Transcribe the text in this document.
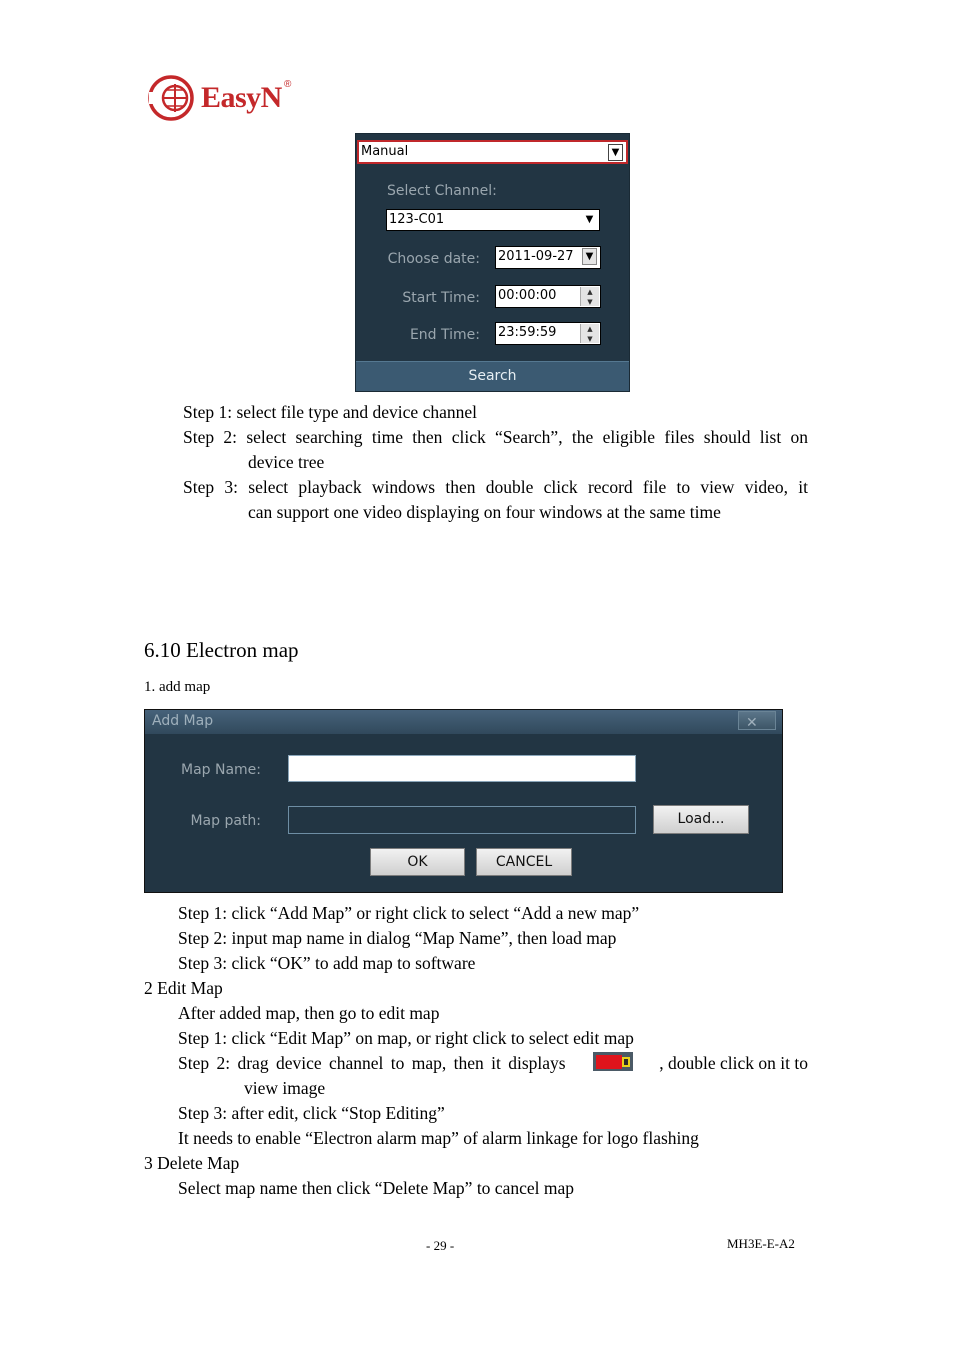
EasyN ®
Manual	▼
Select Channel:
123-C01	▼
Choose date: 2011-09-27	▼
Start Time: 00:00:00	▲
▼
End Time: 23:59:59	▲
▼
Search
Step 1: select file type and device channel
Step 2: select searching time then click “Search”, the eligible files should list on
device tree
Step 3: select playback windows then double click record file to view video, it
can support one video displaying on four windows at the same time
6.10 Electron map
1. add map
Add Map	✕
Map Name:
Map path:	Load...
OK	CANCEL
Step 1: click “Add Map” or right click to select “Add a new map”
Step 2: input map name in dialog “Map Name”, then load map
Step 3: click “OK” to add map to software
2 Edit Map
After added map, then go to edit map
Step 1: click “Edit Map” on map, or right click to select edit map
Step 2: drag device channel to map, then it displays	, double click on it to
view image
Step 3: after edit, click “Stop Editing”
It needs to enable “Electron alarm map” of alarm linkage for logo flashing
3 Delete Map
Select map name then click “Delete Map” to cancel map
- 29 -	MH3E-E-A2
